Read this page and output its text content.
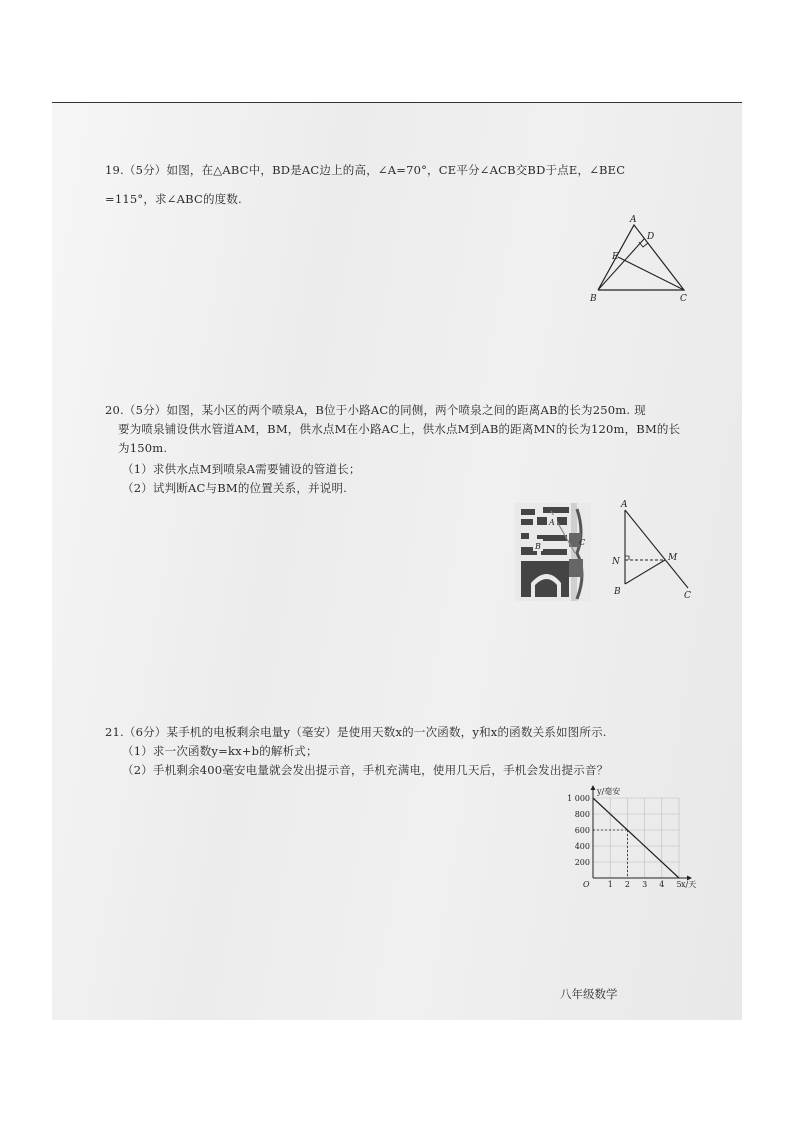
19.（5分）如图，在△ABC中，BD是AC边上的高，∠A=70°，CE平分∠ACB交BD于点E，∠BEC
=115°，求∠ABC的度数.
A
D
E
B	C
20.（5分）如图，某小区的两个喷泉A，B位于小路AC的同侧，两个喷泉之间的距离AB的长为250m. 现
要为喷泉铺设供水管道AM，BM，供水点M在小路AC上，供水点M到AB的距离MN的长为120m，BM的长
为150m.
（1）求供水点M到喷泉A需要铺设的管道长；
（2）试判断AC与BM的位置关系，并说明.
A
B	C
A
N	M
B	C
21.（6分）某手机的电板剩余电量y（毫安）是使用天数x的一次函数，y和x的函数关系如图所示.
（1）求一次函数y=kx+b的解析式；
（2）手机剩余400毫安电量就会发出提示音，手机充满电，使用几天后，手机会发出提示音？
1 2 3 4 5
200
400
600
800
1 000
O
y/毫安
x/天
八年级数学
